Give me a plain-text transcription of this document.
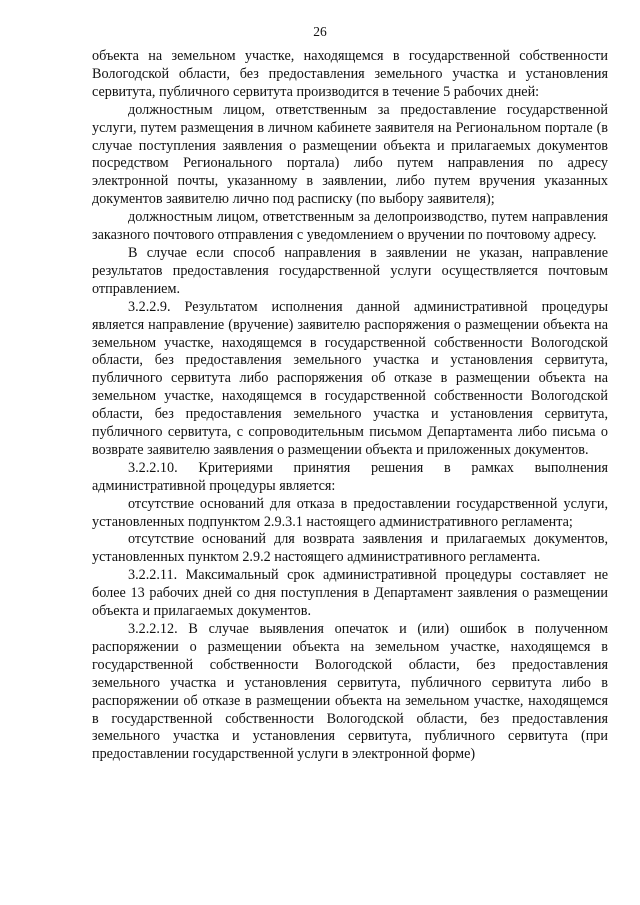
26

объекта на земельном участке, находящемся в государственной собственности Вологодской области, без предоставления земельного участка и установления сервитута, публичного сервитута производится в течение 5 рабочих дней:

должностным лицом, ответственным за предоставление государственной услуги, путем размещения в личном кабинете заявителя на Региональном портале (в случае поступления заявления о размещении объекта и прилагаемых документов посредством Регионального портала) либо путем направления по адресу электронной почты, указанному в заявлении, либо путем вручения указанных документов заявителю лично под расписку (по выбору заявителя);

должностным лицом, ответственным за делопроизводство, путем направления заказного почтового отправления с уведомлением о вручении по почтовому адресу.

В случае если способ направления в заявлении не указан, направление результатов предоставления государственной услуги осуществляется почтовым отправлением.

3.2.2.9. Результатом исполнения данной административной процедуры является направление (вручение) заявителю распоряжения о размещении объекта на земельном участке, находящемся в государственной собственности Вологодской области, без предоставления земельного участка и установления сервитута, публичного сервитута либо распоряжения об отказе в размещении объекта на земельном участке, находящемся в государственной собственности Вологодской области, без предоставления земельного участка и установления сервитута, публичного сервитута, с сопроводительным письмом Департамента либо письма о возврате заявителю заявления о размещении объекта и приложенных документов.

3.2.2.10. Критериями принятия решения в рамках выполнения административной процедуры является:

отсутствие оснований для отказа в предоставлении государственной услуги, установленных подпунктом 2.9.3.1 настоящего административного регламента;

отсутствие оснований для возврата заявления и прилагаемых документов, установленных пунктом 2.9.2 настоящего административного регламента.

3.2.2.11. Максимальный срок административной процедуры составляет не более 13 рабочих дней со дня поступления в Департамент заявления о размещении объекта и прилагаемых документов.

3.2.2.12. В случае выявления опечаток и (или) ошибок в полученном распоряжении о размещении объекта на земельном участке, находящемся в государственной собственности Вологодской области, без предоставления земельного участка и установления сервитута, публичного сервитута либо в распоряжении об отказе в размещении объекта на земельном участке, находящемся в государственной собственности Вологодской области, без предоставления земельного участка и установления сервитута, публичного сервитута (при предоставлении государственной услуги в электронной форме)
